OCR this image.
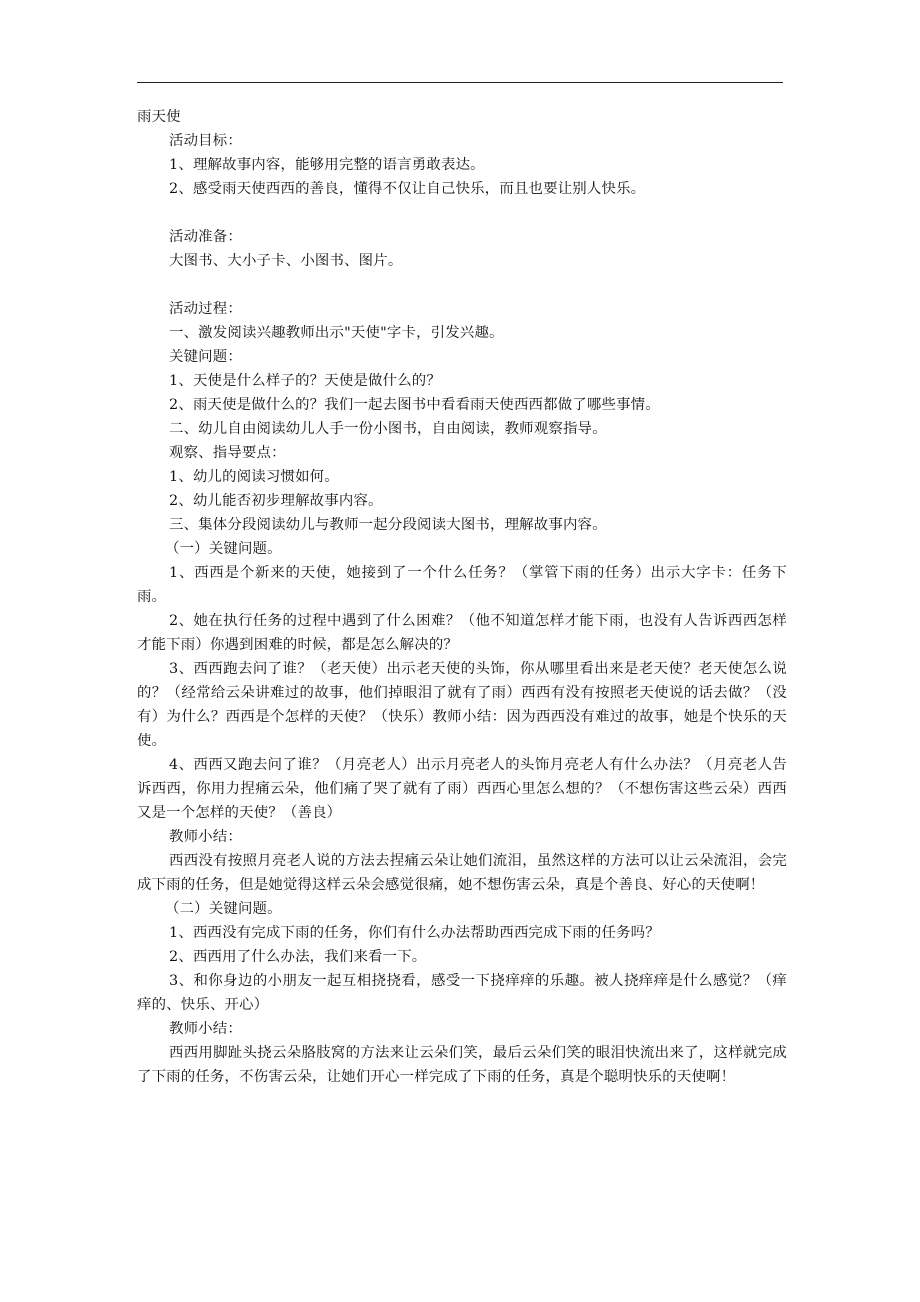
雨天使
活动目标：
1、理解故事内容，能够用完整的语言勇敢表达。
2、感受雨天使西西的善良，懂得不仅让自己快乐，而且也要让别人快乐。
活动准备：
大图书、大小子卡、小图书、图片。
活动过程：
一、激发阅读兴趣教师出示"天使"字卡，引发兴趣。
关键问题：
1、天使是什么样子的？天使是做什么的？
2、雨天使是做什么的？我们一起去图书中看看雨天使西西都做了哪些事情。
二、幼儿自由阅读幼儿人手一份小图书，自由阅读，教师观察指导。
观察、指导要点：
1、幼儿的阅读习惯如何。
2、幼儿能否初步理解故事内容。
三、集体分段阅读幼儿与教师一起分段阅读大图书，理解故事内容。
（一）关键问题。

1、西西是个新来的天使，她接到了一个什么任务？（掌管下雨的任务）出示大字卡：任务下雨。

2、她在执行任务的过程中遇到了什么困难？（他不知道怎样才能下雨，也没有人告诉西西怎样才能下雨）你遇到困难的时候，都是怎么解决的？

3、西西跑去问了谁？（老天使）出示老天使的头饰，你从哪里看出来是老天使？老天使怎么说的？（经常给云朵讲难过的故事，他们掉眼泪了就有了雨）西西有没有按照老天使说的话去做？（没有）为什么？西西是个怎样的天使？（快乐）教师小结：因为西西没有难过的故事，她是个快乐的天使。

4、西西又跑去问了谁？（月亮老人）出示月亮老人的头饰月亮老人有什么办法？（月亮老人告诉西西，你用力捏痛云朵，他们痛了哭了就有了雨）西西心里怎么想的？（不想伤害这些云朵）西西又是一个怎样的天使？（善良）

教师小结：

西西没有按照月亮老人说的方法去捏痛云朵让她们流泪，虽然这样的方法可以让云朵流泪，会完成下雨的任务，但是她觉得这样云朵会感觉很痛，她不想伤害云朵，真是个善良、好心的天使啊！

（二）关键问题。

1、西西没有完成下雨的任务，你们有什么办法帮助西西完成下雨的任务吗？

2、西西用了什么办法，我们来看一下。

3、和你身边的小朋友一起互相挠挠看，感受一下挠痒痒的乐趣。被人挠痒痒是什么感觉？（痒痒的、快乐、开心）

教师小结：

西西用脚趾头挠云朵胳肢窝的方法来让云朵们笑，最后云朵们笑的眼泪快流出来了，这样就完成了下雨的任务，不伤害云朵，让她们开心一样完成了下雨的任务，真是个聪明快乐的天使啊！
